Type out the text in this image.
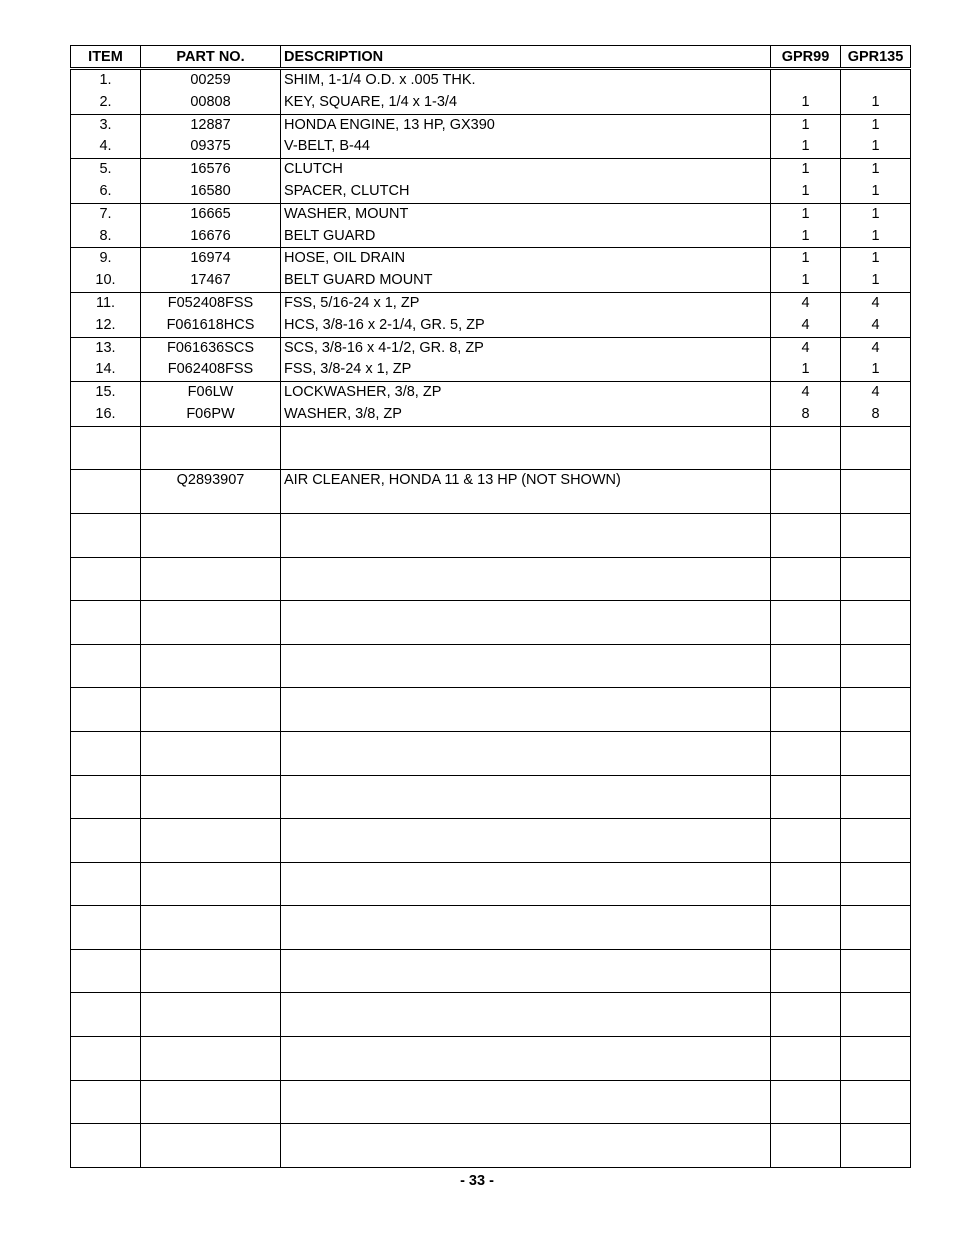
ITEM	PART NO.	DESCRIPTION	GPR99	GPR135
1.	00259	SHIM, 1-1/4 O.D. x .005 THK.		
2.	00808	KEY, SQUARE, 1/4 x 1-3/4	1	1
3.	12887	HONDA ENGINE, 13 HP, GX390	1	1
4.	09375	V-BELT, B-44	1	1
5.	16576	CLUTCH	1	1
6.	16580	SPACER, CLUTCH	1	1
7.	16665	WASHER, MOUNT	1	1
8.	16676	BELT GUARD	1	1
9.	16974	HOSE, OIL DRAIN	1	1
10.	17467	BELT GUARD MOUNT	1	1
11.	F052408FSS	FSS, 5/16-24 x 1, ZP	4	4
12.	F061618HCS	HCS, 3/8-16 x 2-1/4, GR. 5, ZP	4	4
13.	F061636SCS	SCS, 3/8-16 x 4-1/2, GR. 8, ZP	4	4
14.	F062408FSS	FSS, 3/8-24 x 1, ZP	1	1
15.	F06LW	LOCKWASHER, 3/8, ZP	4	4
16.	F06PW	WASHER, 3/8, ZP	8	8

	Q2893907	AIR CLEANER, HONDA 11 & 13 HP (NOT SHOWN)		

- 33 -
